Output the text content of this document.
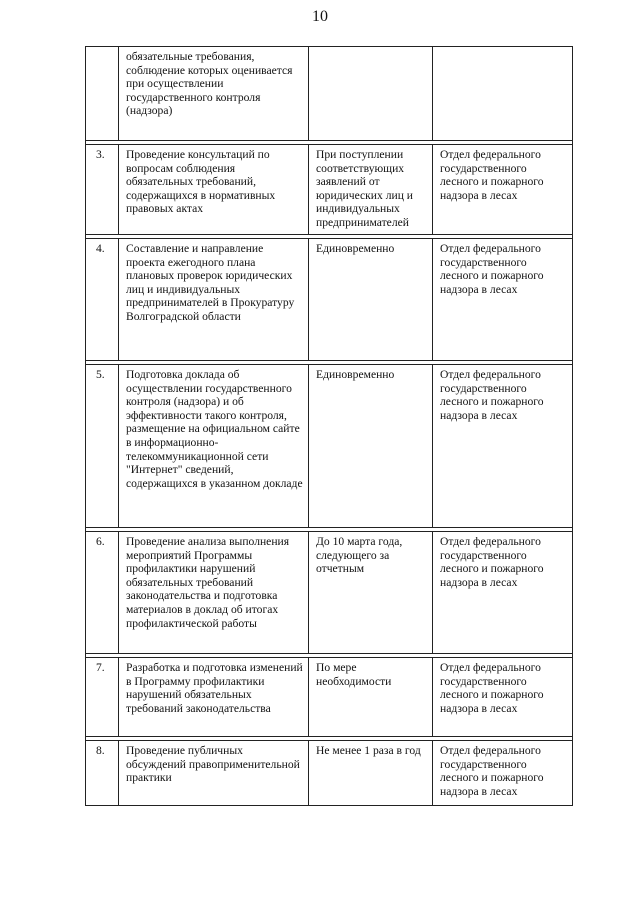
10
	обязательные требования, соблюдение которых оценивается при осуществлении государственного контроля (надзора)		

3.	Проведение консультаций по вопросам соблюдения обязательных требований, содержащихся в нормативных правовых актах	При поступлении соответствующих заявлений от юридических лиц и индивидуальных предпринимателей	Отдел федерального государственного лесного и пожарного надзора в лесах

4.	Составление и направление проекта ежегодного плана плановых проверок юридических лиц и индивидуальных предпринимателей в Прокуратуру Волгоградской области	Единовременно	Отдел федерального государственного лесного и пожарного надзора в лесах

5.	Подготовка доклада об осуществлении государственного контроля (надзора) и об эффективности такого контроля, размещение на официальном сайте в информационно-телекоммуникационной сети "Интернет" сведений, содержащихся в указанном докладе	Единовременно	Отдел федерального государственного лесного и пожарного надзора в лесах

6.	Проведение анализа выполнения мероприятий Программы профилактики нарушений обязательных требований законодательства и подготовка материалов в доклад об итогах профилактической работы	До 10 марта года, следующего за отчетным	Отдел федерального государственного лесного и пожарного надзора в лесах

7.	Разработка и подготовка изменений в Программу профилактики нарушений обязательных требований законодательства	По мере необходимости	Отдел федерального государственного лесного и пожарного надзора в лесах

8.	Проведение публичных обсуждений правоприменительной практики	Не менее 1 раза в год	Отдел федерального государственного лесного и пожарного надзора в лесах
